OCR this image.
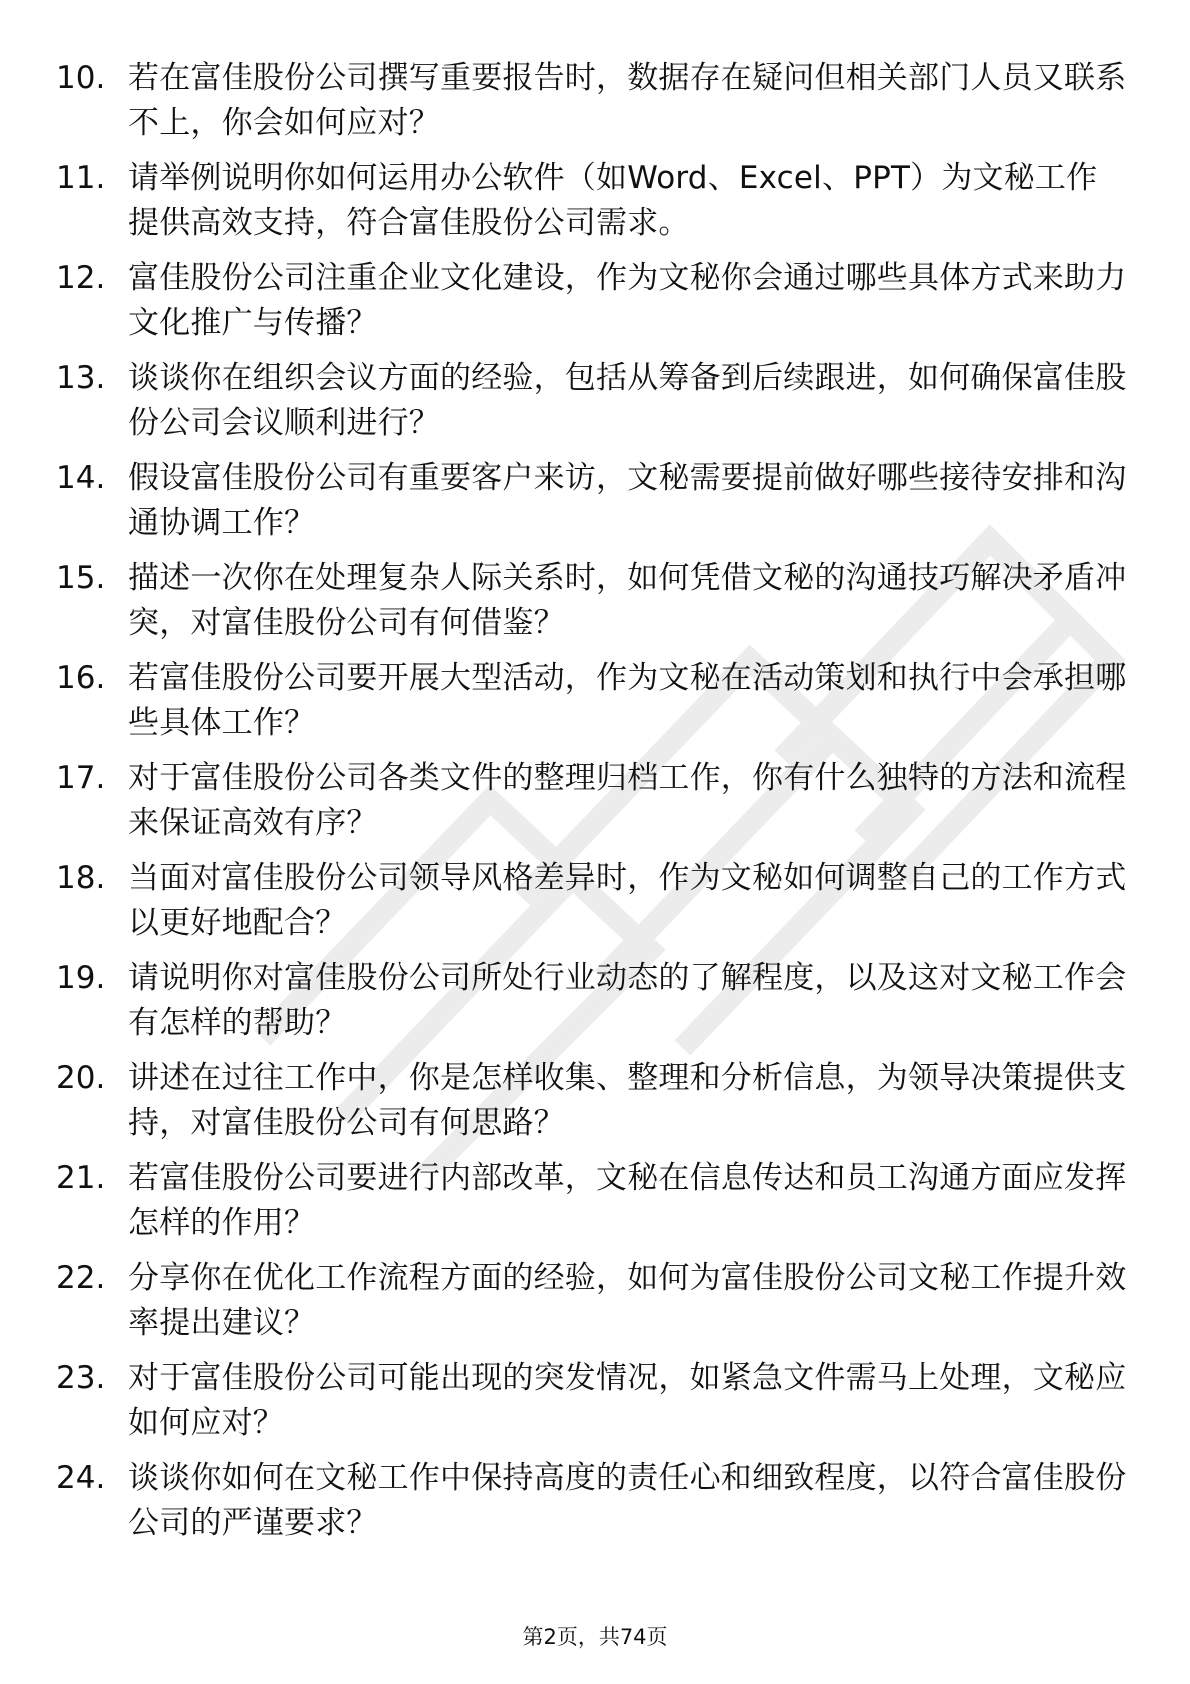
10. 若在富佳股份公司撰写重要报告时，数据存在疑问但相关部门人员又联系不上，你会如何应对？
11. 请举例说明你如何运用办公软件（如Word、Excel、PPT）为文秘工作提供高效支持，符合富佳股份公司需求。
12. 富佳股份公司注重企业文化建设，作为文秘你会通过哪些具体方式来助力文化推广与传播？
13. 谈谈你在组织会议方面的经验，包括从筹备到后续跟进，如何确保富佳股份公司会议顺利进行？
14. 假设富佳股份公司有重要客户来访，文秘需要提前做好哪些接待安排和沟通协调工作？
15. 描述一次你在处理复杂人际关系时，如何凭借文秘的沟通技巧解决矛盾冲突，对富佳股份公司有何借鉴？
16. 若富佳股份公司要开展大型活动，作为文秘在活动策划和执行中会承担哪些具体工作？
17. 对于富佳股份公司各类文件的整理归档工作，你有什么独特的方法和流程来保证高效有序？
18. 当面对富佳股份公司领导风格差异时，作为文秘如何调整自己的工作方式以更好地配合？
19. 请说明你对富佳股份公司所处行业动态的了解程度，以及这对文秘工作会有怎样的帮助？
20. 讲述在过往工作中，你是怎样收集、整理和分析信息，为领导决策提供支持，对富佳股份公司有何思路？
21. 若富佳股份公司要进行内部改革，文秘在信息传达和员工沟通方面应发挥怎样的作用？
22. 分享你在优化工作流程方面的经验，如何为富佳股份公司文秘工作提升效率提出建议？
23. 对于富佳股份公司可能出现的突发情况，如紧急文件需马上处理，文秘应如何应对？
24. 谈谈你如何在文秘工作中保持高度的责任心和细致程度，以符合富佳股份公司的严谨要求？
第2页，共74页
